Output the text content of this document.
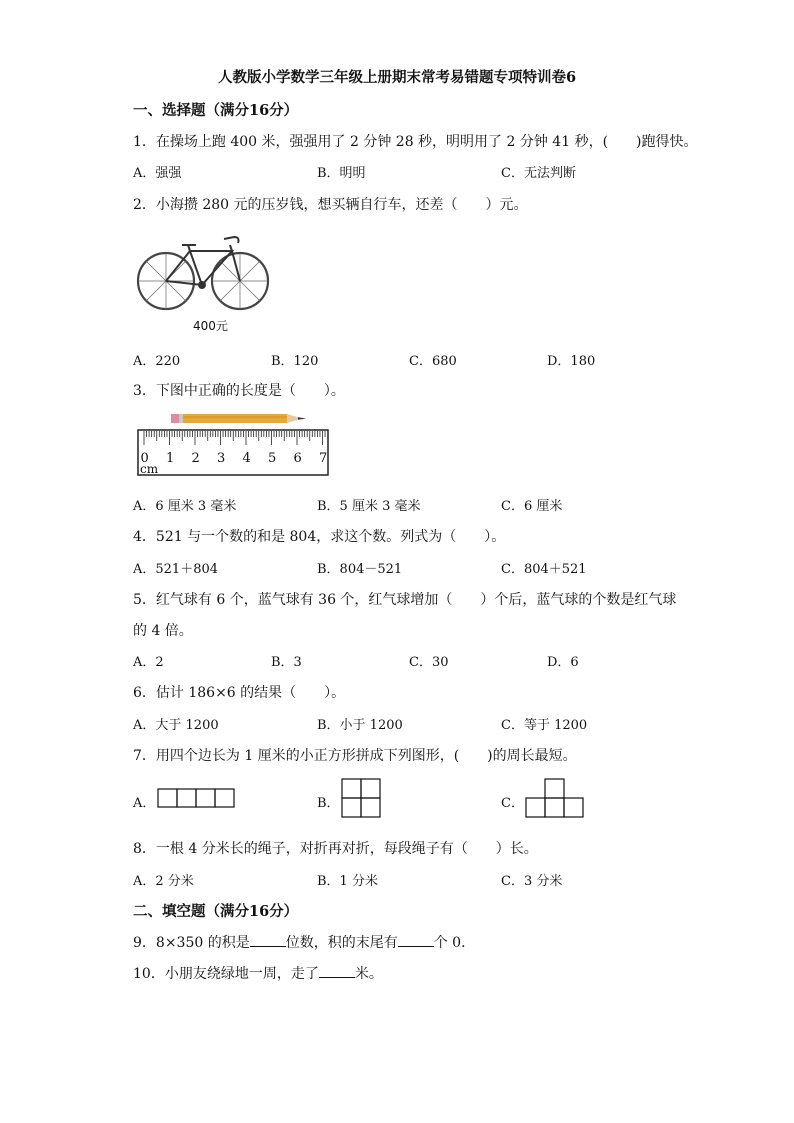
人教版小学数学三年级上册期末常考易错题专项特训卷6
一、选择题（满分16分）
1．在操场上跑 400 米，强强用了 2 分钟 28 秒，明明用了 2 分钟 41 秒，(　　)跑得快。
A．强强	B．明明	C．无法判断
2．小海攒 280 元的压岁钱，想买辆自行车，还差（　　）元。
400元
A．220	B．120	C．680	D．180
3．下图中正确的长度是（　　）。
0 1 2 3 4 5 6 7
cm
A．6 厘米 3 毫米	B．5 厘米 3 毫米	C．6 厘米
4．521 与一个数的和是 804，求这个数。列式为（　　）。
A．521＋804	B．804－521	C．804＋521
5．红气球有 6 个，蓝气球有 36 个，红气球增加（　　）个后，蓝气球的个数是红气球
的 4 倍。
A．2	B．3	C．30	D．6
6．估计 186×6 的结果（　　）。
A．大于 1200	B．小于 1200	C．等于 1200
7．用四个边长为 1 厘米的小正方形拼成下列图形，(　　)的周长最短。
A．	B．	C．
8．一根 4 分米长的绳子，对折再对折，每段绳子有（　　）长。
A．2 分米	B．1 分米	C．3 分米
二、填空题（满分16分）
9．8×350 的积是	位数，积的末尾有	个 0．
10．小朋友绕绿地一周，走了	米。
